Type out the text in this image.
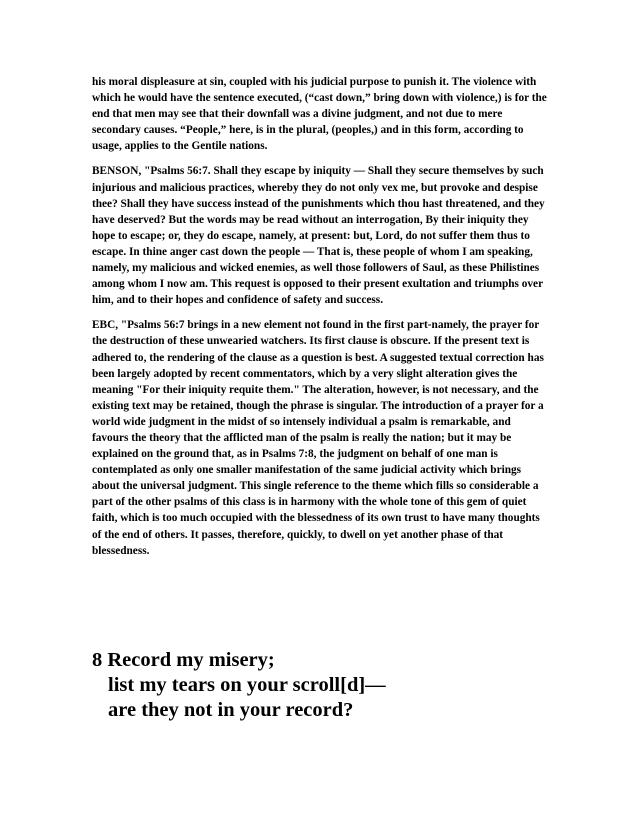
his moral displeasure at sin, coupled with his judicial purpose to punish it. The violence with which he would have the sentence executed, (“cast down,” bring down with violence,) is for the end that men may see that their downfall was a divine judgment, and not due to mere secondary causes. “People,” here, is in the plural, (peoples,) and in this form, according to usage, applies to the Gentile nations.

BENSON, "Psalms 56:7. Shall they escape by iniquity — Shall they secure themselves by such injurious and malicious practices, whereby they do not only vex me, but provoke and despise thee? Shall they have success instead of the punishments which thou hast threatened, and they have deserved? But the words may be read without an interrogation, By their iniquity they hope to escape; or, they do escape, namely, at present: but, Lord, do not suffer them thus to escape. In thine anger cast down the people — That is, these people of whom I am speaking, namely, my malicious and wicked enemies, as well those followers of Saul, as these Philistines among whom I now am. This request is opposed to their present exultation and triumphs over him, and to their hopes and confidence of safety and success.

EBC, "Psalms 56:7 brings in a new element not found in the first part-namely, the prayer for the destruction of these unwearied watchers. Its first clause is obscure. If the present text is adhered to, the rendering of the clause as a question is best. A suggested textual correction has been largely adopted by recent commentators, which by a very slight alteration gives the meaning "For their iniquity requite them." The alteration, however, is not necessary, and the existing text may be retained, though the phrase is singular. The introduction of a prayer for a world wide judgment in the midst of so intensely individual a psalm is remarkable, and favours the theory that the afflicted man of the psalm is really the nation; but it may be explained on the ground that, as in Psalms 7:8, the judgment on behalf of one man is contemplated as only one smaller manifestation of the same judicial activity which brings about the universal judgment. This single reference to the theme which fills so considerable a part of the other psalms of this class is in harmony with the whole tone of this gem of quiet faith, which is too much occupied with the blessedness of its own trust to have many thoughts of the end of others. It passes, therefore, quickly, to dwell on yet another phase of that blessedness.

8 Record my misery;
list my tears on your scroll[d]—
are they not in your record?
